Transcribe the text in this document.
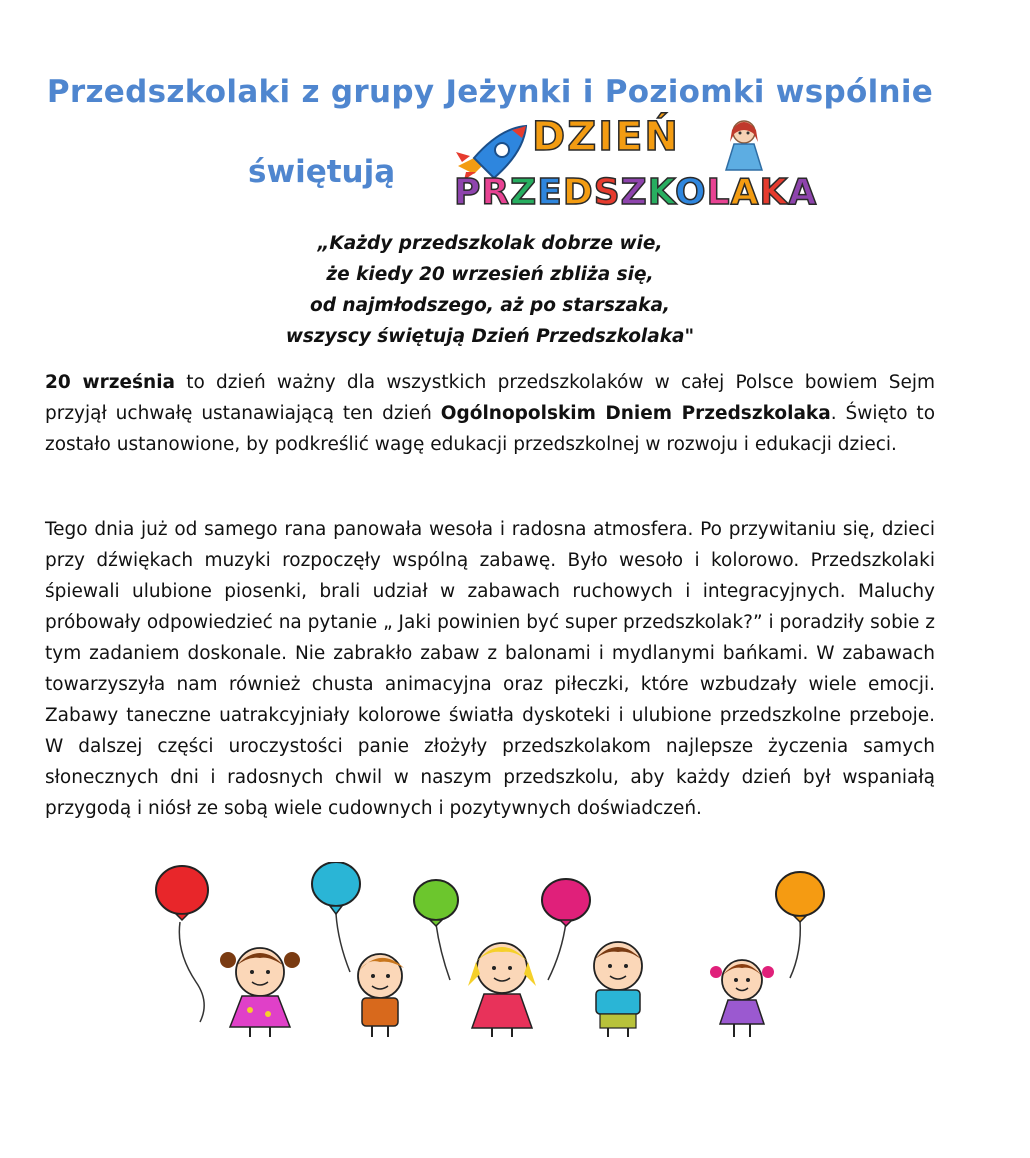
Przedszkolaki z grupy Jeżynki i Poziomki wspólnie
świętują
DZIEŃ
PRZEDSZKOLAKA
„Każdy przedszkolak dobrze wie,
że kiedy 20 wrzesień zbliża się,
od najmłodszego, aż po starszaka,
wszyscy świętują Dzień Przedszkolaka"

20 września to dzień ważny dla wszystkich przedszkolaków w całej Polsce bowiem Sejm przyjął uchwałę ustanawiającą ten dzień Ogólnopolskim Dniem Przedszkolaka. Święto to zostało ustanowione, by podkreślić wagę edukacji przedszkolnej w rozwoju i edukacji dzieci.

Tego dnia już od samego rana panowała wesoła i radosna atmosfera. Po przywitaniu się, dzieci przy dźwiękach muzyki rozpoczęły wspólną zabawę. Było wesoło i kolorowo. Przedszkolaki śpiewali ulubione piosenki, brali udział w zabawach ruchowych i integracyjnych. Maluchy próbowały odpowiedzieć na pytanie „ Jaki powinien być super przedszkolak?” i poradziły sobie z tym zadaniem doskonale. Nie zabrakło zabaw z balonami i mydlanymi bańkami. W zabawach towarzyszyła nam również chusta animacyjna oraz piłeczki, które wzbudzały wiele emocji. Zabawy taneczne uatrakcyjniały kolorowe światła dyskoteki i ulubione przedszkolne przeboje. W dalszej części uroczystości panie złożyły przedszkolakom najlepsze życzenia samych słonecznych dni i radosnych chwil w naszym przedszkolu, aby każdy dzień był wspaniałą przygodą i niósł ze sobą wiele cudownych i pozytywnych doświadczeń.
